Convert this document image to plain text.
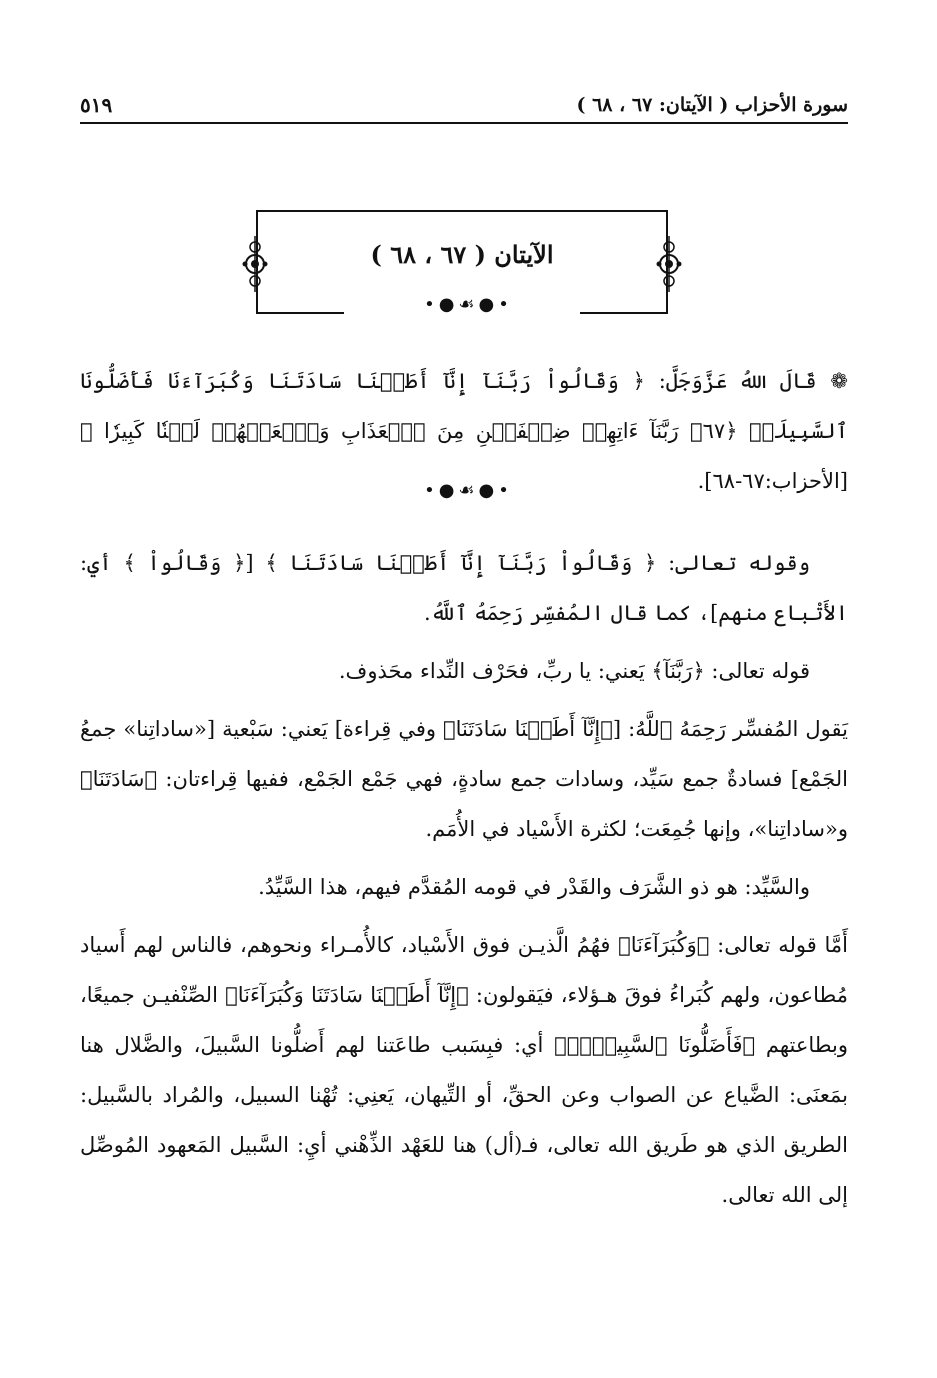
سورة الأحزاب ( الآيتان: ٦٧ ، ٦٨ )
٥١٩
الآيتان ( ٦٧ ، ٦٨ )
•●☙●•

❁ قَالَ اللهُ عَزَّوَجَلَّ: ﴿ وَقَالُواْ رَبَّنَآ إِنَّآ أَطَعۡنَا سَادَتَنَا وَكُبَرَآءَنَا فَأَضَلُّونَا ٱلسَّبِيلَا۠ ﴿٦٧﴾ رَبَّنَآ ءَاتِهِمۡ ضِعۡفَيۡنِ مِنَ ٱلۡعَذَابِ وَٱلۡعَنۡهُمۡ لَعۡنٗا كَبِيرٗا ﴾ [الأحزاب:٦٧-٦٨].

•●☙●•

وقوله تعالى: ﴿ وَقَالُواْ رَبَّنَآ إِنَّآ أَطَعۡنَا سَادَتَنَا ﴾ [﴿ وَقَالُواْ ﴾ أيِ: الأَتْباع منهم]، كما قال المُفسِّر رَحِمَهُ ٱللَّهُ.

قوله تعالى: ﴿رَبَّنَآ﴾ يَعني: يا ربِّ، فحَرْف النِّداء محَذوف.

يَقول المُفسِّر رَحِمَهُ ٱللَّهُ: [﴿إِنَّآ أَطَعۡنَا سَادَتَنَا﴾ وفي قِراءة] يَعني: سَبْعية [«ساداتِنا» جمعُ الجَمْع] فسادةٌ جمع سَيِّد، وسادات جمع سادةٍ، فهي جَمْع الجَمْع، ففيها قِراءتان: ﴿سَادَتَنَا﴾ و«ساداتِنا»، وإنها جُمِعَت؛ لكثرة الأَسْياد في الأُمَم.

والسَّيِّد: هو ذو الشَّرَف والقَدْر في قومه المُقدَّم فيهم، هذا السَّيِّدُ.

أَمَّا قوله تعالى: ﴿وَكُبَرَآءَنَا﴾ فهُمُ الَّذيـن فوق الأَسْياد، كالأُمـراء ونحوهم، فالناس لهم أَسياد مُطاعون، ولهم كُبَراءُ فوقَ هـؤلاء، فيَقولون: ﴿إِنَّآ أَطَعۡنَا سَادَتَنَا وَكُبَرَآءَنَا﴾ الصِّنْفيـن جميعًا، وبطاعتهم ﴿فَأَضَلُّونَا ٱلسَّبِيلَا۠﴾ أي: فبِسَبب طاعَتنا لهم أَضلُّونا السَّبيلَ، والضَّلال هنا بمَعنَى: الضَّياع عن الصواب وعن الحقِّ، أو التِّيهان، يَعنِي: تُهْنا السبيل، والمُراد بالسَّبيل: الطريق الذي هو طَريق الله تعالى، فـ(أل) هنا للعَهْد الذِّهْني أيِ: السَّبيل المَعهود المُوصِّل إلى الله تعالى.
